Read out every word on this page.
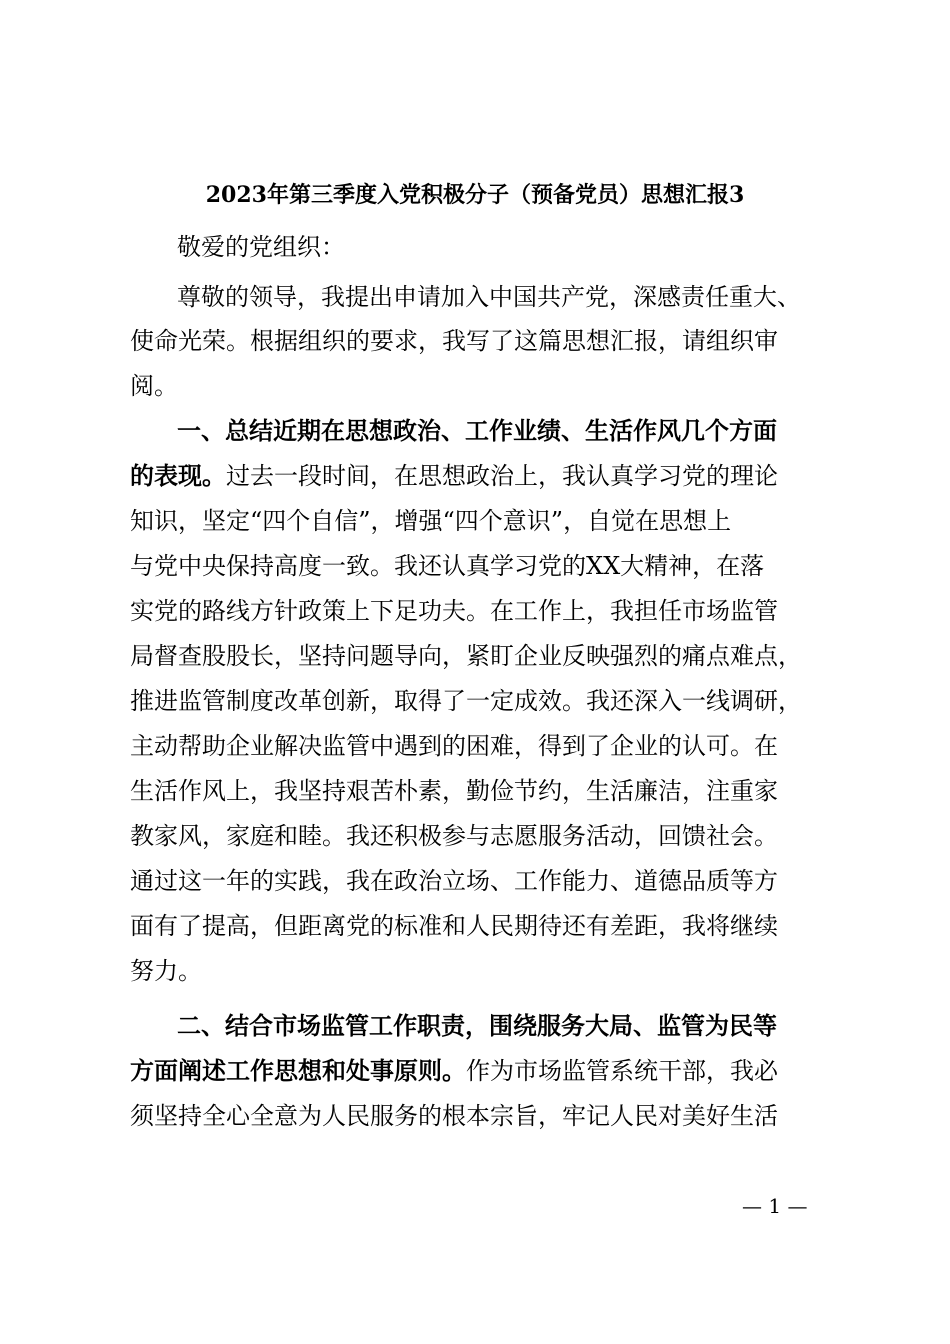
2023年第三季度入党积极分子（预备党员）思想汇报3
敬爱的党组织：
尊敬的领导，我提出申请加入中国共产党，深感责任重大、
使命光荣。根据组织的要求，我写了这篇思想汇报，请组织审
阅。
一、总结近期在思想政治、工作业绩、生活作风几个方面
的表现。过去一段时间，在思想政治上，我认真学习党的理论
知识，坚定“四个自信”，增强“四个意识”，自觉在思想上
与党中央保持高度一致。我还认真学习党的XX大精神，在落
实党的路线方针政策上下足功夫。在工作上，我担任市场监管
局督查股股长，坚持问题导向，紧盯企业反映强烈的痛点难点，
推进监管制度改革创新，取得了一定成效。我还深入一线调研，
主动帮助企业解决监管中遇到的困难，得到了企业的认可。在
生活作风上，我坚持艰苦朴素，勤俭节约，生活廉洁，注重家
教家风，家庭和睦。我还积极参与志愿服务活动，回馈社会。
通过这一年的实践，我在政治立场、工作能力、道德品质等方
面有了提高，但距离党的标准和人民期待还有差距，我将继续
努力。
二、结合市场监管工作职责，围绕服务大局、监管为民等
方面阐述工作思想和处事原则。作为市场监管系统干部，我必
须坚持全心全意为人民服务的根本宗旨，牢记人民对美好生活
— 1 —
